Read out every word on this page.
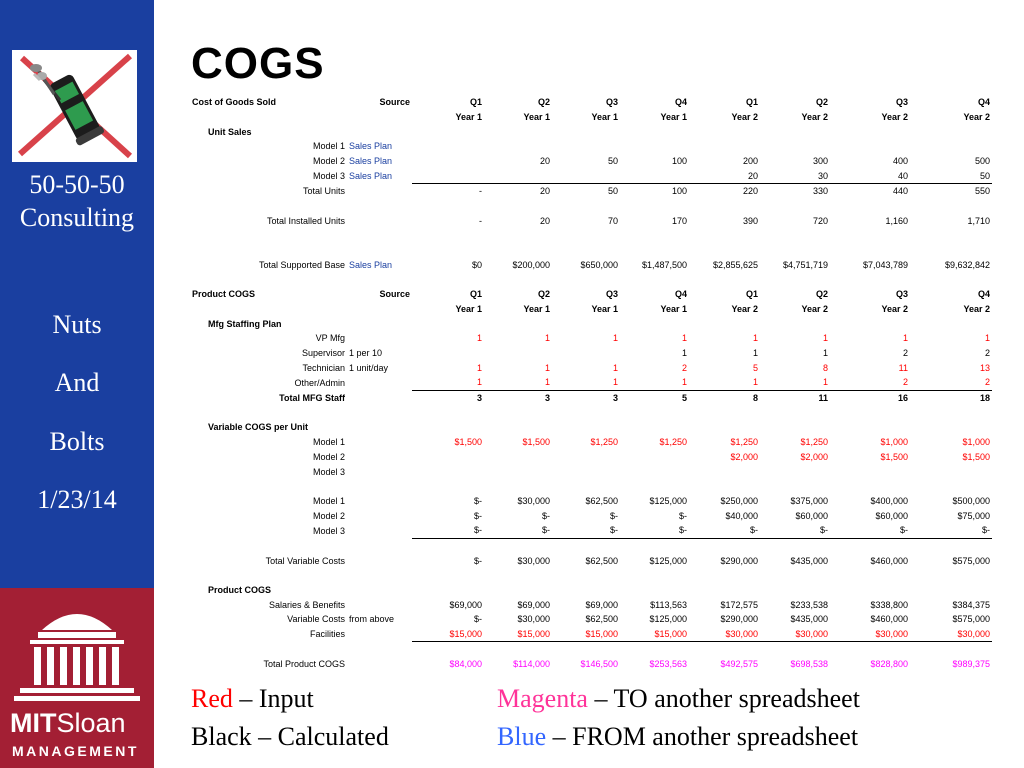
50-50-50
Consulting
Nuts
And
Bolts
1/23/14
MITSloan
MANAGEMENT
COGS
Cost of Goods Sold		Source	Q1	Q2	Q3	Q4	Q1	Q2	Q3	Q4
			Year 1	Year 1	Year 1	Year 1	Year 2	Year 2	Year 2	Year 2
Unit Sales										
	Model 1	Sales Plan								
	Model 2	Sales Plan		20	50	100	200	300	400	500
	Model 3	Sales Plan					20	30	40	50
	Total Units		-	20	50	100	220	330	440	550

	Total Installed Units		-	20	70	170	390	720	1,160	1,710

	Total Supported Base	Sales Plan	$0	$200,000	$650,000	$1,487,500	$2,855,625	$4,751,719	$7,043,789	$9,632,842

Product COGS		Source	Q1	Q2	Q3	Q4	Q1	Q2	Q3	Q4
			Year 1	Year 1	Year 1	Year 1	Year 2	Year 2	Year 2	Year 2
Mfg Staffing Plan										
	VP Mfg		1	1	1	1	1	1	1	1
	Supervisor	1 per 10				1	1	1	2	2
	Technician	1 unit/day	1	1	1	2	5	8	11	13
	Other/Admin		1	1	1	1	1	1	2	2
	Total MFG Staff		3	3	3	5	8	11	16	18

Variable COGS per Unit										
	Model 1		$1,500	$1,500	$1,250	$1,250	$1,250	$1,250	$1,000	$1,000
	Model 2						$2,000	$2,000	$1,500	$1,500
	Model 3									

	Model 1		$-	$30,000	$62,500	$125,000	$250,000	$375,000	$400,000	$500,000
	Model 2		$-	$-	$-	$-	$40,000	$60,000	$60,000	$75,000
	Model 3		$-	$-	$-	$-	$-	$-	$-	$-

	Total Variable Costs		$-	$30,000	$62,500	$125,000	$290,000	$435,000	$460,000	$575,000

Product COGS										
	Salaries & Benefits		$69,000	$69,000	$69,000	$113,563	$172,575	$233,538	$338,800	$384,375
	Variable Costs	from above	$-	$30,000	$62,500	$125,000	$290,000	$435,000	$460,000	$575,000
	Facilities		$15,000	$15,000	$15,000	$15,000	$30,000	$30,000	$30,000	$30,000

	Total Product COGS		$84,000	$114,000	$146,500	$253,563	$492,575	$698,538	$828,800	$989,375
Red – Input
Black – Calculated
Magenta – TO another spreadsheet
Blue – FROM another spreadsheet
